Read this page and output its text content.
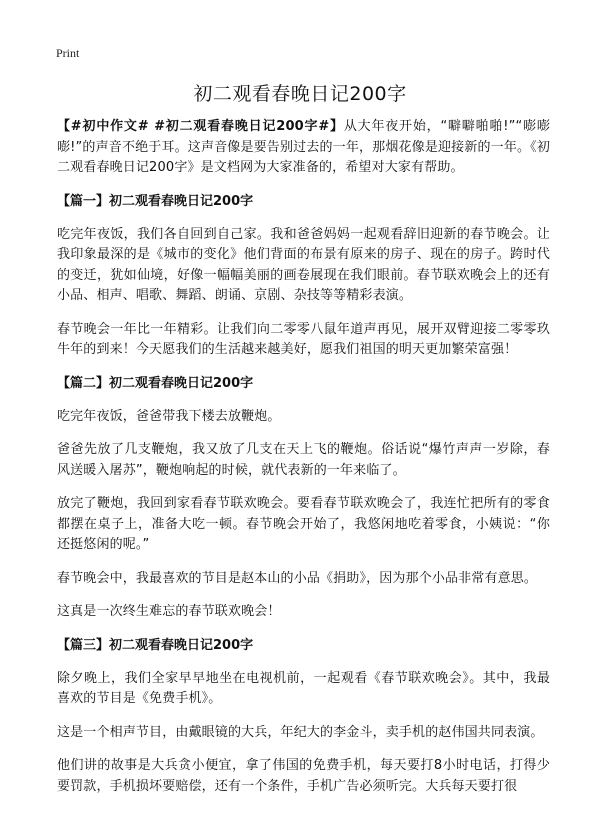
Print
初二观看春晚日记200字

【#初中作文# #初二观看春晚日记200字#】从大年夜开始，“噼噼啪啪!”“嘭嘭嘭!”的声音不绝于耳。这声音像是要告别过去的一年，那烟花像是迎接新的一年。《初二观看春晚日记200字》是文档网为大家准备的，希望对大家有帮助。

【篇一】初二观看春晚日记200字

吃完年夜饭，我们各自回到自己家。我和爸爸妈妈一起观看辞旧迎新的春节晚会。让我印象最深的是《城市的变化》他们背面的布景有原来的房子、现在的房子。跨时代的变迁，犹如仙境，好像一幅幅美丽的画卷展现在我们眼前。春节联欢晚会上的还有小品、相声、唱歌、舞蹈、朗诵、京剧、杂技等等精彩表演。

春节晚会一年比一年精彩。让我们向二零零八鼠年道声再见，展开双臂迎接二零零玖牛年的到来！今天愿我们的生活越来越美好，愿我们祖国的明天更加繁荣富强！

【篇二】初二观看春晚日记200字

吃完年夜饭，爸爸带我下楼去放鞭炮。

爸爸先放了几支鞭炮，我又放了几支在天上飞的鞭炮。俗话说“爆竹声声一岁除，春风送暖入屠苏”，鞭炮响起的时候，就代表新的一年来临了。

放完了鞭炮，我回到家看春节联欢晚会。要看春节联欢晚会了，我连忙把所有的零食都摆在桌子上，准备大吃一顿。春节晚会开始了，我悠闲地吃着零食，小姨说：“你还挺悠闲的呢。”

春节晚会中，我最喜欢的节目是赵本山的小品《捐助》，因为那个小品非常有意思。

这真是一次终生难忘的春节联欢晚会！

【篇三】初二观看春晚日记200字

除夕晚上，我们全家早早地坐在电视机前，一起观看《春节联欢晚会》。其中，我最喜欢的节目是《免费手机》。

这是一个相声节目，由戴眼镜的大兵，年纪大的李金斗，卖手机的赵伟国共同表演。

他们讲的故事是大兵贪小便宜，拿了伟国的免费手机，每天要打8小时电话，打得少要罚款，手机损坏要赔偿，还有一个条件，手机广告必须听完。大兵每天要打很
